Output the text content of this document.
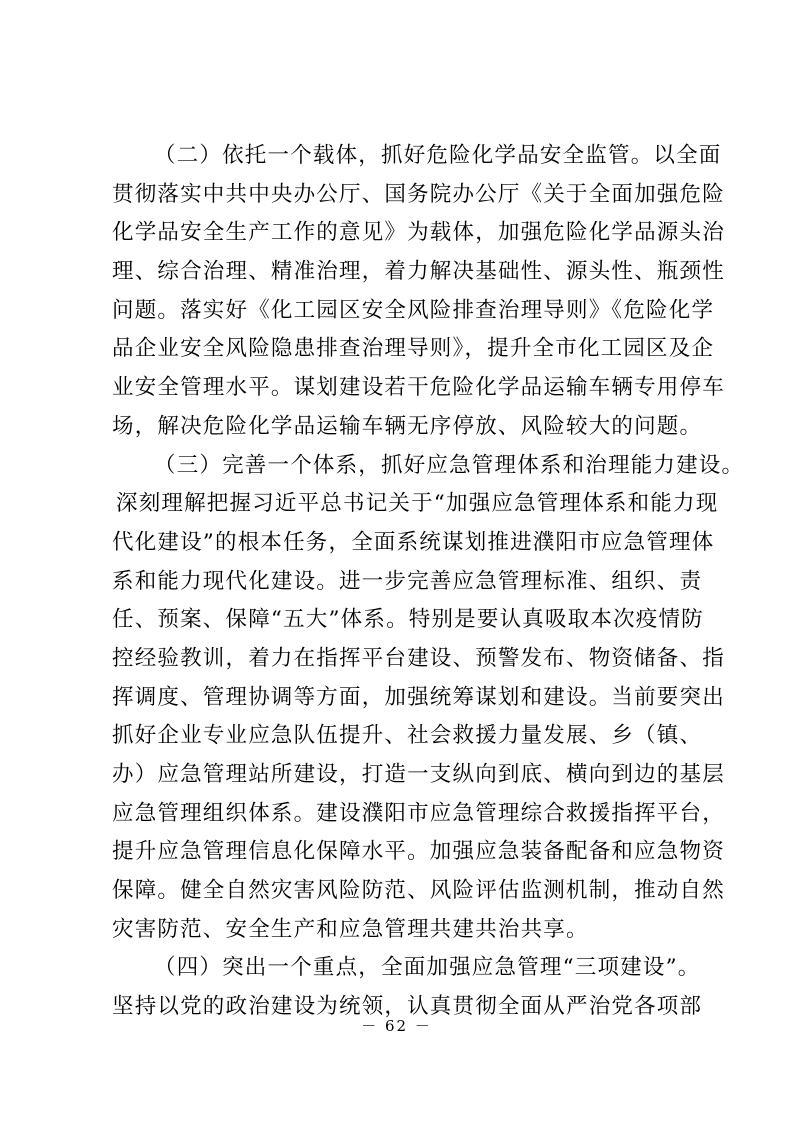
（二）依托一个载体，抓好危险化学品安全监管。以全面
贯彻落实中共中央办公厅、国务院办公厅《关于全面加强危险
化学品安全生产工作的意见》为载体，加强危险化学品源头治
理、综合治理、精准治理，着力解决基础性、源头性、瓶颈性
问题。落实好《化工园区安全风险排查治理导则》《危险化学
品企业安全风险隐患排查治理导则》，提升全市化工园区及企
业安全管理水平。谋划建设若干危险化学品运输车辆专用停车
场，解决危险化学品运输车辆无序停放、风险较大的问题。
（三）完善一个体系，抓好应急管理体系和治理能力建设。
深刻理解把握习近平总书记关于“加强应急管理体系和能力现
代化建设”的根本任务，全面系统谋划推进濮阳市应急管理体
系和能力现代化建设。进一步完善应急管理标准、组织、责
任、预案、保障“五大”体系。特别是要认真吸取本次疫情防
控经验教训，着力在指挥平台建设、预警发布、物资储备、指
挥调度、管理协调等方面，加强统筹谋划和建设。当前要突出
抓好企业专业应急队伍提升、社会救援力量发展、乡（镇、
办）应急管理站所建设，打造一支纵向到底、横向到边的基层
应急管理组织体系。建设濮阳市应急管理综合救援指挥平台，
提升应急管理信息化保障水平。加强应急装备配备和应急物资
保障。健全自然灾害风险防范、风险评估监测机制，推动自然
灾害防范、安全生产和应急管理共建共治共享。
（四）突出一个重点，全面加强应急管理“三项建设”。
坚持以党的政治建设为统领，认真贯彻全面从严治党各项部
－ 62 －
